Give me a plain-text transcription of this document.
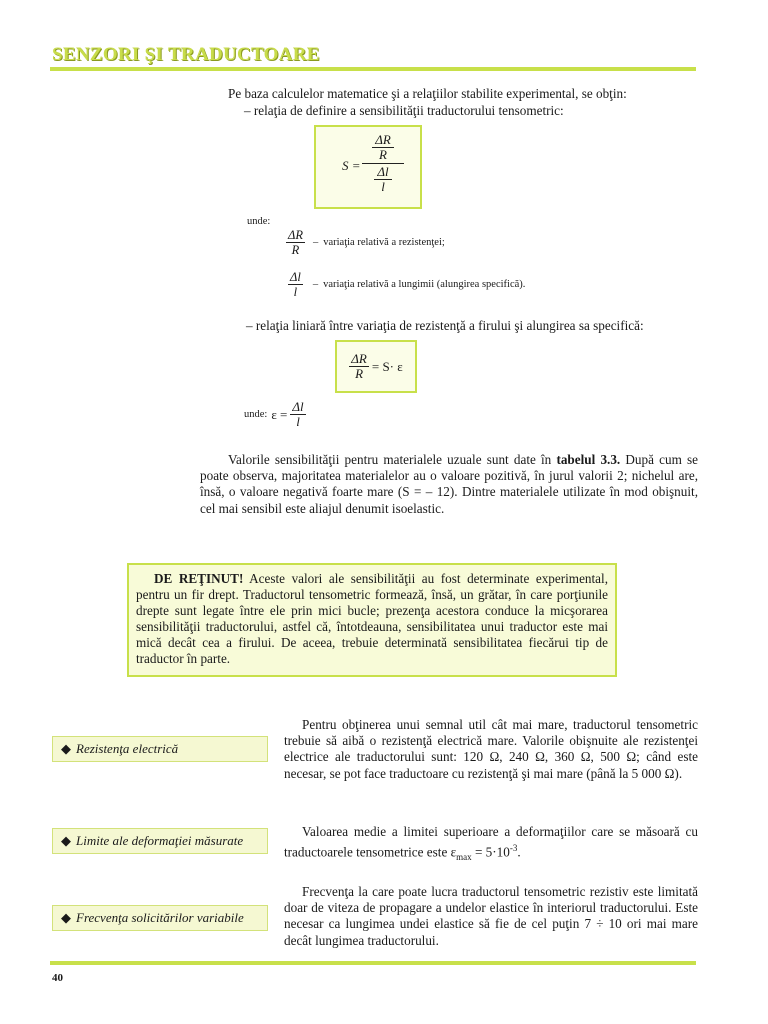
SENZORI ŞI TRADUCTOARE
Pe baza calculelor matematice şi a relaţiilor stabilite experimental, se obţin:
– relaţia de definire a sensibilităţii traductorului tensometric:
S =
$\frac{\Delta R}{R}$
$\frac{\Delta l}{l}$
unde:
$\frac{\Delta R}{R}$ – variaţia relativă a rezistenţei;
$\frac{\Delta l}{l}$ – variaţia relativă a lungimii (alungirea specifică).
– relaţia liniară între variaţia de rezistenţă a firului şi alungirea sa specifică:
$\frac{\Delta R}{R} = S\cdot \varepsilon$
unde: $\varepsilon = \frac{\Delta l}{l}$
Valorile sensibilităţii pentru materialele uzuale sunt date în tabelul 3.3. După cum se poate observa, majoritatea materialelor au o valoare pozitivă, în jurul valorii 2; nichelul are, însă, o valoare negativă foarte mare (S = – 12). Dintre materialele utilizate în mod obişnuit, cel mai sensibil este aliajul denumit isoelastic.
DE REŢINUT! Aceste valori ale sensibilităţii au fost determinate experimental, pentru un fir drept. Traductorul tensometric formează, însă, un grătar, în care porţiunile drepte sunt legate între ele prin mici bucle; prezenţa acestora conduce la micşorarea sensibilităţii traductorului, astfel că, întotdeauna, sensibilitatea unui traductor este mai mică decât cea a firului. De aceea, trebuie determinată sensibilitatea fiecărui tip de traductor în parte.
◆ Rezistenţa electrică
Pentru obţinerea unui semnal util cât mai mare, traductorul tensometric trebuie să aibă o rezistenţă electrică mare. Valorile obişnuite ale rezistenţei electrice ale traductorului sunt: 120 Ω, 240 Ω, 360 Ω, 500 Ω; când este necesar, se pot face traductoare cu rezistenţă şi mai mare (până la 5 000 Ω).
◆ Limite ale deformaţiei măsurate
Valoarea medie a limitei superioare a deformaţiilor care se măsoară cu traductoarele tensometrice este $\varepsilon_{max} = 5\cdot 10^{-3}$.
◆ Frecvenţa solicitărilor variabile
Frecvenţa la care poate lucra traductorul tensometric rezistiv este limitată doar de viteza de propagare a undelor elastice în interiorul traductorului. Este necesar ca lungimea undei elastice să fie de cel puţin 7 ÷ 10 ori mai mare decât lungimea traductorului.
40
